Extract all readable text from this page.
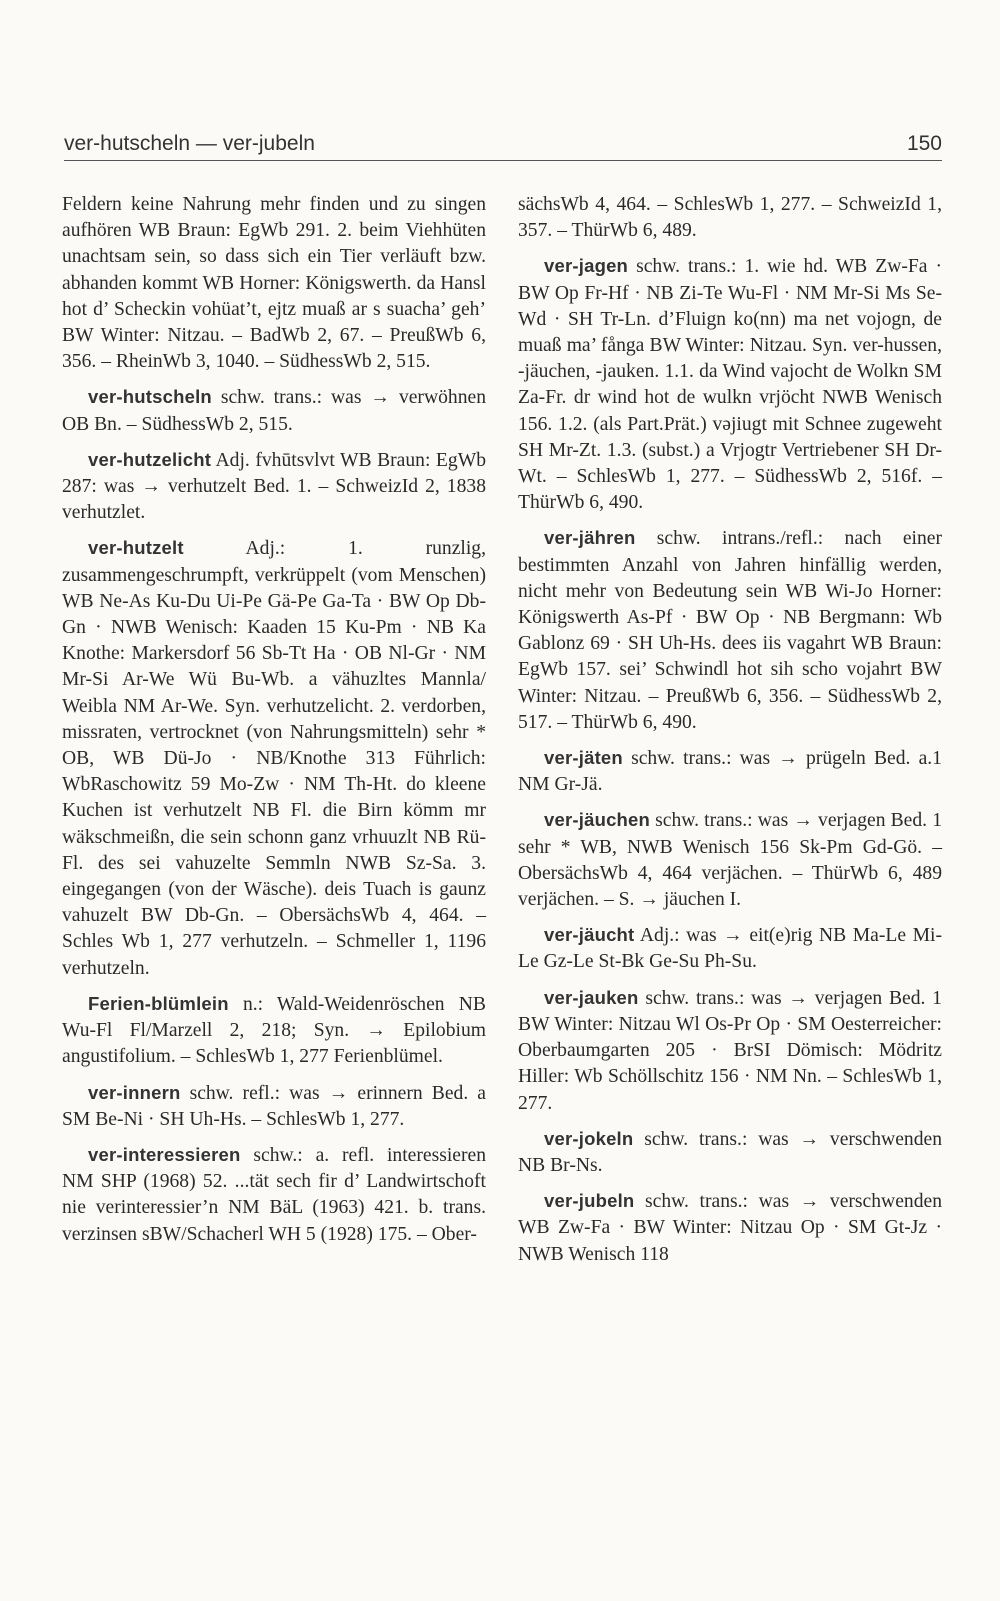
ver-hutscheln — ver-jubeln	150

Feldern keine Nahrung mehr finden und zu singen aufhören WB Braun: EgWb 291. 2. beim Viehhüten unachtsam sein, so dass sich ein Tier verläuft bzw. abhanden kommt WB Horner: Königswerth. da Hansl hot d’ Scheckin vohüat’t, ejtz muaß ar s suacha’ geh’ BW Winter: Nitzau. – BadWb 2, 67. – PreußWb 6, 356. – RheinWb 3, 1040. – SüdhessWb 2, 515.

ver-hutscheln schw. trans.: was → verwöhnen OB Bn. – SüdhessWb 2, 515.

ver-hutzelicht Adj. fvhūtsvlvt WB Braun: EgWb 287: was → verhutzelt Bed. 1. – SchweizId 2, 1838 verhutzlet.

ver-hutzelt	Adj.: 1. runzlig, zusammengeschrumpft, verkrüppelt (vom Menschen) WB Ne-As Ku-Du Ui-Pe Gä-Pe Ga-Ta · BW Op Db-Gn · NWB Wenisch: Kaaden 15 Ku-Pm · NB Ka Knothe: Markersdorf 56 Sb-Tt Ha · OB Nl-Gr · NM Mr-Si Ar-We Wü Bu-Wb. a vähuzltes Mannla/ Weibla NM Ar-We. Syn. verhutzelicht. 2. verdorben, missraten, vertrocknet (von Nahrungsmitteln) sehr * OB, WB Dü-Jo · NB/Knothe 313 Führlich: WbRaschowitz 59 Mo-Zw · NM Th-Ht. do kleene Kuchen ist verhutzelt NB Fl. die Birn kömm mr wäkschmeißn, die sein schonn ganz vrhuuzlt NB Rü-Fl. des sei vahuzelte Semmln NWB Sz-Sa. 3. eingegangen (von der Wäsche). deis Tuach is gaunz vahuzelt BW Db-Gn. – ObersächsWb 4, 464. – Schles Wb 1, 277 verhutzeln. – Schmeller 1, 1196 verhutzeln.

Ferien-blümlein n.: Wald-Weidenröschen NB Wu-Fl Fl/Marzell 2, 218; Syn. → Epilobium angustifolium. – SchlesWb 1, 277 Ferienblümel.

ver-innern schw. refl.: was → erinnern Bed. a SM Be-Ni · SH Uh-Hs. – SchlesWb 1, 277.

ver-interessieren schw.: a. refl. interessieren NM SHP (1968) 52. ...tät sech fir d’ Landwirtschoft nie verinteressier’n NM BäL (1963) 421. b. trans. verzinsen sBW/Schacherl WH 5 (1928) 175. – Ober-

sächsWb 4, 464. – SchlesWb 1, 277. – SchweizId 1, 357. – ThürWb 6, 489.

ver-jagen schw. trans.: 1. wie hd. WB Zw-Fa · BW Op Fr-Hf · NB Zi-Te Wu-Fl · NM Mr-Si Ms Se-Wd · SH Tr-Ln. d’Fluign ko(nn) ma net vojogn, de muaß ma’ fånga BW Winter: Nitzau. Syn. ver-hussen, -jäuchen, -jauken. 1.1. da Wind vajocht de Wolkn SM Za-Fr. dr wind hot de wulkn vrjöcht NWB Wenisch 156. 1.2. (als Part.Prät.) vəjiugt mit Schnee zugeweht SH Mr-Zt. 1.3. (subst.) a Vrjogtr Vertriebener SH Dr-Wt. – SchlesWb 1, 277. – SüdhessWb 2, 516f. – ThürWb 6, 490.

ver-jähren schw. intrans./refl.: nach einer bestimmten Anzahl von Jahren hinfällig werden, nicht mehr von Bedeutung sein WB Wi-Jo Horner: Königswerth As-Pf · BW Op · NB Bergmann: Wb Gablonz 69 · SH Uh-Hs. dees iis vagahrt WB Braun: EgWb 157. sei’ Schwindl hot sih scho vojahrt BW Winter: Nitzau. – PreußWb 6, 356. – SüdhessWb 2, 517. – ThürWb 6, 490.

ver-jäten schw. trans.: was → prügeln Bed. a.1 NM Gr-Jä.

ver-jäuchen schw. trans.: was → verjagen Bed. 1 sehr * WB, NWB Wenisch 156 Sk-Pm Gd-Gö. – ObersächsWb 4, 464 verjächen. – ThürWb 6, 489 verjächen. – S. → jäuchen I.

ver-jäucht Adj.: was → eit(e)rig NB Ma-Le Mi-Le Gz-Le St-Bk Ge-Su Ph-Su.

ver-jauken schw. trans.: was → verjagen Bed. 1 BW Winter: Nitzau Wl Os-Pr Op · SM Oesterreicher: Oberbaumgarten 205 · BrSI Dömisch: Mödritz Hiller: Wb Schöllschitz 156 · NM Nn. – SchlesWb 1, 277.

ver-jokeln schw. trans.: was → verschwenden NB Br-Ns.

ver-jubeln schw. trans.: was → verschwenden WB Zw-Fa · BW Winter: Nitzau Op · SM Gt-Jz · NWB Wenisch 118
